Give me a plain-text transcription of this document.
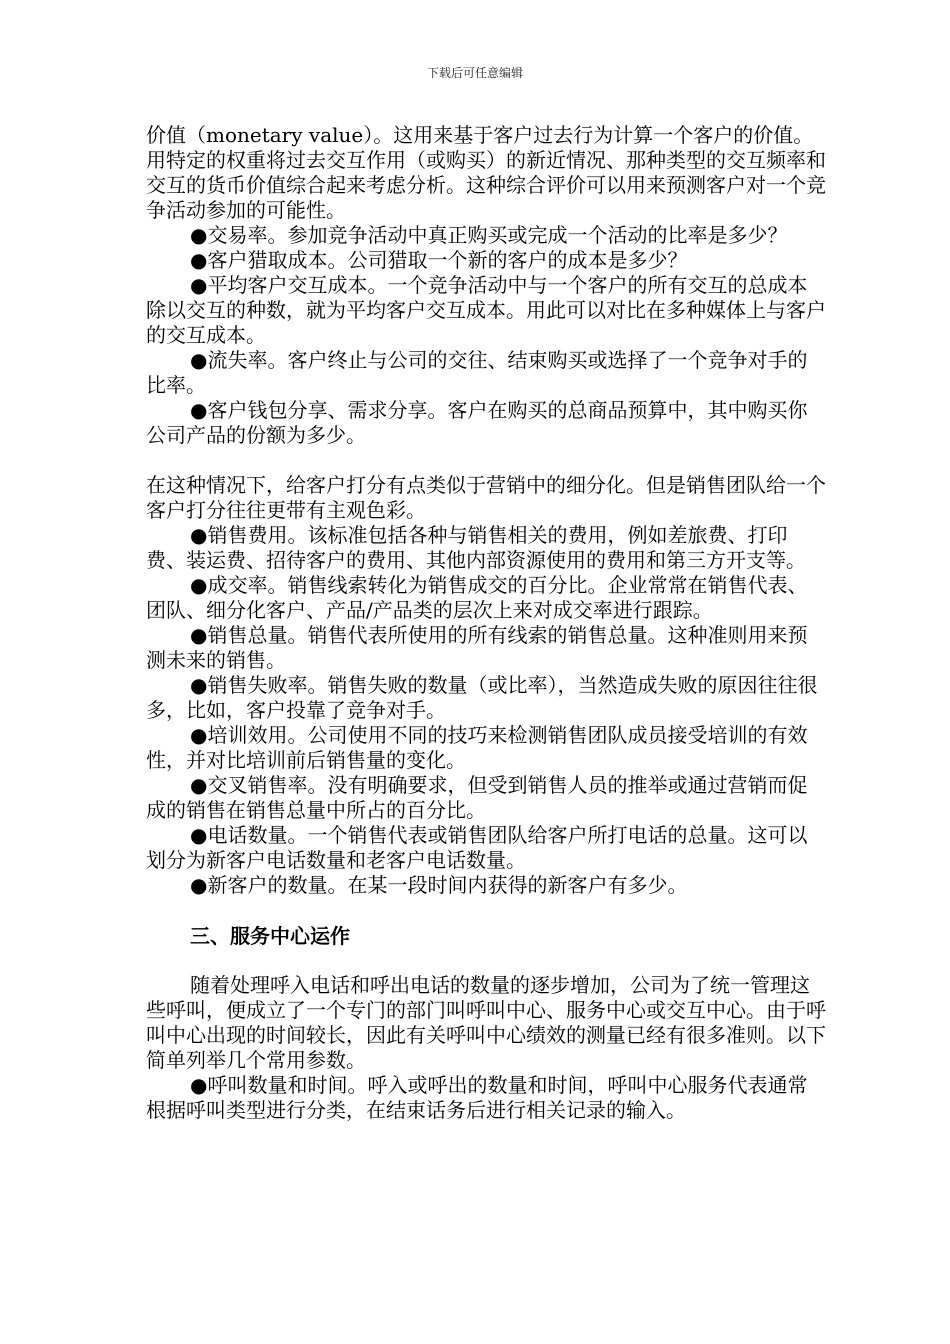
下载后可任意编辑

价值（monetary value）。这用来基于客户过去行为计算一个客户的价值。用特定的权重将过去交互作用（或购买）的新近情况、那种类型的交互频率和交互的货币价值综合起来考虑分析。这种综合评价可以用来预测客户对一个竞争活动参加的可能性。

●交易率。参加竞争活动中真正购买或完成一个活动的比率是多少？

●客户猎取成本。公司猎取一个新的客户的成本是多少？

●平均客户交互成本。一个竞争活动中与一个客户的所有交互的总成本除以交互的种数，就为平均客户交互成本。用此可以对比在多种媒体上与客户的交互成本。

●流失率。客户终止与公司的交往、结束购买或选择了一个竞争对手的比率。

●客户钱包分享、需求分享。客户在购买的总商品预算中，其中购买你公司产品的份额为多少。

在这种情况下，给客户打分有点类似于营销中的细分化。但是销售团队给一个客户打分往往更带有主观色彩。

●销售费用。该标准包括各种与销售相关的费用，例如差旅费、打印费、装运费、招待客户的费用、其他内部资源使用的费用和第三方开支等。

●成交率。销售线索转化为销售成交的百分比。企业常常在销售代表、团队、细分化客户、产品/产品类的层次上来对成交率进行跟踪。

●销售总量。销售代表所使用的所有线索的销售总量。这种准则用来预测未来的销售。

●销售失败率。销售失败的数量（或比率），当然造成失败的原因往往很多，比如，客户投靠了竞争对手。

●培训效用。公司使用不同的技巧来检测销售团队成员接受培训的有效性，并对比培训前后销售量的变化。

●交叉销售率。没有明确要求，但受到销售人员的推举或通过营销而促成的销售在销售总量中所占的百分比。

●电话数量。一个销售代表或销售团队给客户所打电话的总量。这可以划分为新客户电话数量和老客户电话数量。

●新客户的数量。在某一段时间内获得的新客户有多少。

三、服务中心运作

随着处理呼入电话和呼出电话的数量的逐步增加，公司为了统一管理这些呼叫，便成立了一个专门的部门叫呼叫中心、服务中心或交互中心。由于呼叫中心出现的时间较长，因此有关呼叫中心绩效的测量已经有很多准则。以下简单列举几个常用参数。

●呼叫数量和时间。呼入或呼出的数量和时间，呼叫中心服务代表通常根据呼叫类型进行分类，在结束话务后进行相关记录的输入。
